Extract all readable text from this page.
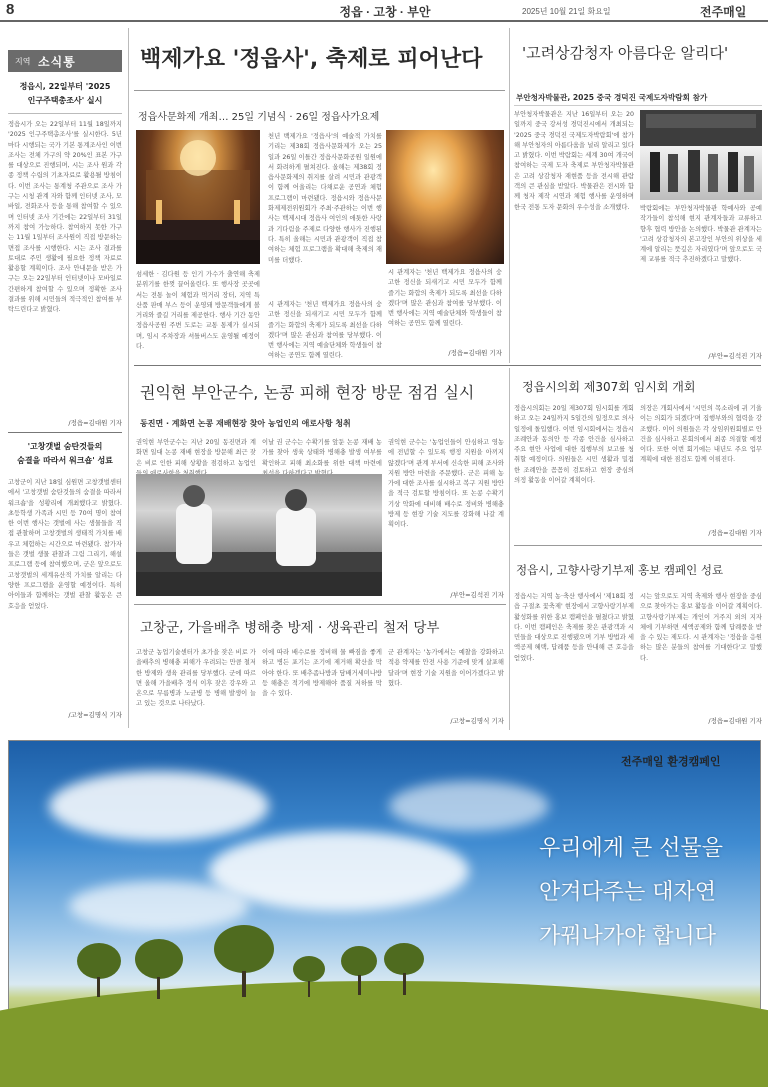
8	정읍 · 고창 · 부안	2025년 10월 21일 화요일	전주매일
지역 소식통
정읍시, 22일부터 '2025
인구주택총조사' 실시
정읍시가 오는 22일부터 11월 18일까지 '2025 인구주택총조사'를 실시한다. 5년마다 시행되는 국가 기본 통계조사인 이번 조사는 전체 가구의 약 20%인 표본 가구를 대상으로 진행되며, 시는 조사 원과 각종 정책 수립의 기초자료로 활용될 방침이다. 이번 조사는 통계청 주관으로 조사 가구는 시청 관계 자와 함께 인터넷 조사, 모바일, 전화조사 등을 통해 참여할 수 있으며 인터넷 조사 기간에는 22일부터 31일까지 참여 가능하다. 참여하지 못한 가구는 11월 1일부터 조사원이 직접 방문하는 면접 조사를 시행한다. 시는 조사 결과를 토대로 주민 생활에 필요한 정책 자료로 활용할 계획이다. 조사 안내문을 받은 가구는 오는 22일부터 인터넷이나 모바일로 간편하게 참여할 수 있으며 정확한 조사 결과를 위해 시민들의 적극적인 참여를 부탁드린다고 밝혔다.
/정읍=김대원 기자
'고창갯벌 숨탄것들의
숨결을 따라서 워크숍' 성료
고창군이 지난 18일 심원면 고창갯벌센터에서 '고창갯벌 숨탄것들의 숨결을 따라서 워크숍'을 성황리에 개최했다고 밝혔다. 초등학생 가족과 시민 등 70여 명이 참여한 이번 행사는 갯벌에 사는 생물들을 직접 관찰하며 고창갯벌의 생태적 가치를 배우고 체험하는 시간으로 마련됐다. 참가자들은 갯벌 생물 관찰과 그림 그리기, 해설 프로그램 등에 참여했으며, 군은 앞으로도 고창갯벌의 세계유산적 가치를 알리는 다양한 프로그램을 운영할 예정이다. 특히 아이들과 함께하는 갯벌 관찰 활동은 큰 호응을 얻었다.
/고창=김명식 기자
백제가요 '정읍사', 축제로 피어난다
정읍사문화제 개최… 25일 기념식 · 26일 정읍사가요제
천년 백제가요 '정읍사'의 예술적 가치를 기리는 제38회 정읍사문화제가 오는 25일과 26일 이틀간 정읍사문화공원 일원에서 화려하게 펼쳐진다. 올해는 제38회 정읍사문화제의 취지를 살려 시민과 관광객이 함께 어울리는 다채로운 공연과 체험 프로그램이 마련됐다. 정읍시와 정읍사문화제제전위원회가 주최·주관하는 이번 행사는 백제시대 정읍사 여인의 애틋한 사랑과 기다림을 주제로 다양한 행사가 진행된다. 특히 올해는 시민과 관광객이 직접 참여하는 체험 프로그램을 확대해 축제의 재미를 더했다.
섬세한 · 김다원 등 인기 가수가 출연해 축제 분위기를 한껏 끌어올린다. 또 행사장 곳곳에서는 전통 놀이 체험과 먹거리 장터, 지역 특산품 판매 부스 등이 운영돼 방문객들에게 볼거리와 즐길 거리를 제공한다. 행사 기간 동안 정읍사공원 주변 도로는 교통 통제가 실시되며, 임시 주차장과 셔틀버스도 운영될 예정이다.
시 관계자는 '천년 백제가요 정읍사의 숭고한 정신을 되새기고 시민 모두가 함께 즐기는 화합의 축제가 되도록 최선을 다하겠다'며 많은 관심과 참여를 당부했다. 이번 행사에는 지역 예술단체와 학생들이 참여하는 공연도 함께 열린다.
시 관계자는 '천년 백제가요 정읍사의 숭고한 정신을 되새기고 시민 모두가 함께 즐기는 화합의 축제가 되도록 최선을 다하겠다'며 많은 관심과 참여를 당부했다. 이번 행사에는 지역 예술단체와 학생들이 참여하는 공연도 함께 열린다.
/정읍=김대원 기자
'고려상감청자 아름다운 알리다'
부안청자박물관, 2025 중국 경덕진 국제도자박람회 참가
부안청자박물관은 지난 16일부터 오는 20일까지 중국 강서성 경덕진시에서 개최되는 '2025 중국 경덕진 국제도자박람회'에 참가해 부안청자의 아름다움을 널리 알리고 있다고 밝혔다. 이번 박람회는 세계 30여 개국이 참여하는 국제 도자 축제로 부안청자박물관은 고려 상감청자 재현품 등을 전시해 관람객의 큰 관심을 받았다. 박물관은 전시와 함께 청자 제작 시연과 체험 행사를 운영하며 한국 전통 도자 문화의 우수성을 소개했다.	박람회에는 부안청자박물관 학예사와 공예 작가들이 참석해 현지 관계자들과 교류하고 향후 협력 방안을 논의했다. 박물관 관계자는 '고려 상감청자의 본고장인 부안의 위상을 세계에 알리는 뜻깊은 자리였다'며 앞으로도 국제 교류를 적극 추진하겠다고 말했다.
/부안=김석진 기자
권익현 부안군수, 논콩 피해 현장 방문 점검 실시
동진면 · 계화면 논콩 재배현장 찾아 농업인의 애로사항 청취
권익현 부안군수는 지난 20일 동진면과 계화면 일대 논콩 재배 현장을 방문해 최근 잦은 비로 인한 피해 상황을 점검하고 농업인
이날 권 군수는 수확기를 앞둔 논콩 재배 농가를 찾아 생육 상태와 병해충 발생 여부를 확인하고 피해 최소화를 위한 대책 마련에
권익현 군수는 '농업인들이 안심하고 영농에 전념할 수 있도록 행정 지원을 아끼지 않겠다'며 관계 부서에 신속한 피해 조사와 지원 방안 마련을 주문했다. 군은 피해 농가에 대한 조사를 실시하고 복구 지원 방안을 적극 검토할 방침이다. 또 논콩 수확기 기상 악화에 대비해 배수로 정비와 병해충 방제 등 현장 기술 지도를 강화해 나갈 계획이다.
/부안=김석진 기자
정읍시의회 제307회 임시회 개회
정읍시의회는 20일 제307회 임시회를 개회하고 오는 24일까지 5일간의 일정으로 의사일정에 돌입했다. 이번 임시회에서는 정읍시 조례안과 동의안 등 각종 안건을 심사하고 주요 현안 사업에 대한 집행부의 보고를 청취할 예정이다. 의원들은 시민 생활과 밀접한 조례안을 꼼꼼히 검토하고 현장 중심의 의정 활동을 이어갈 계획이다.
의장은 개회사에서 '시민의 목소리에 귀 기울이는 의회가 되겠다'며 집행부와의 협력을 강조했다. 이어 의원들은 각 상임위원회별로 안건을 심사하고 본회의에서 최종 의결할 예정이다. 또한 이번 회기에는 내년도 주요 업무 계획에 대한 점검도 함께 이뤄진다.
/정읍=김대원 기자
정읍시, 고향사랑기부제 홍보 캠페인 성료
정읍시는 지역 농·축산 행사에서 '제18회 정읍 구절초 꽃축제' 현장에서 고향사랑기부제 활성화를 위한 홍보 캠페인을 펼쳤다고 밝혔다. 이번 캠페인은 축제를 찾은 관광객과 시민들을 대상으로 진행됐으며 기부 방법과 세액공제 혜택, 답례품 등을 안내해 큰 호응을 얻었다.
시는 앞으로도 지역 축제와 행사 현장을 중심으로 찾아가는 홍보 활동을 이어갈 계획이다. 고향사랑기부제는 개인이 거주지 외의 지자체에 기부하면 세액공제와 함께 답례품을 받을 수 있는 제도다. 시 관계자는 '정읍을 응원하는 많은 분들의 참여를 기대한다'고 말했다.
/정읍=김대원 기자
고창군, 가을배추 병해충 방제 · 생육관리 철저 당부
고창군 농업기술센터가 초가을 잦은 비로 가을배추의 병해충 피해가 우려되는 만큼 철저한 방제와 생육 관리를 당부했다. 군에 따르면 올해 가을배추 정식 이후 잦은 강우와 고온으로 무름병과 노균병 등 병해 발생이 늘고 있는 것으로 나타났다.
이에 따라 배수로를 정비해 물 빠짐을 좋게 하고 병든 포기는 조기에 제거해 확산을 막아야 한다. 또 배추좀나방과 담배거세미나방 등 해충은 적기에 방제해야 품질 저하를 막을 수 있다.
군 관계자는 '농가에서는 예찰을 강화하고 적용 약제를 안전 사용 기준에 맞게 살포해 달라'며 현장 기술 지원을 이어가겠다고 밝혔다.
/고창=김명식 기자
전주매일 환경캠페인
우리에게 큰 선물을
안겨다주는 대자연
가꿔나가야 합니다
